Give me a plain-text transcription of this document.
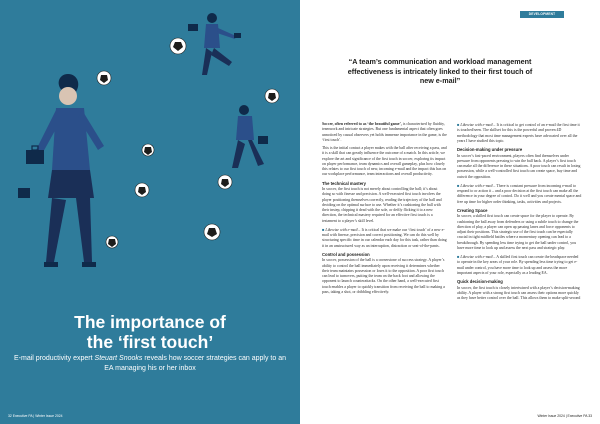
The importance of
the ‘first touch’
E-mail productivity expert Steuart Snooks reveals how soccer strategies can apply to an EA managing his or her inbox
32 Executive PA | Winter Issue 2024
DEVELOPMENT
“A team’s communication and workload management effectiveness is intricately linked to their first touch of new e-mail”

Soccer, often referred to as ‘the beautiful game’, is characterised by fluidity, teamwork and intricate strategies. But one fundamental aspect that often goes unnoticed by casual observers yet holds immense importance in the game, is the ‘first touch’.

This is the initial contact a player makes with the ball after receiving a pass, and it is a skill that can greatly influence the outcome of a match. In this article, we explore the art and significance of the first touch in soccer, exploring its impact on player performance, team dynamics and overall gameplay, plus how closely this relates to our first touch of new, incoming e-mail and the impact this has on our workplace performance, team interactions and overall productivity.

The technical mastery

In soccer, the first touch is not merely about controlling the ball; it’s about doing so with finesse and precision. A well-executed first touch involves the player positioning themselves correctly, reading the trajectory of the ball and deciding on the optimal surface to use. Whether it’s cushioning the ball with their instep, chipping it dead with the sole, or deftly flicking it to a new direction, the technical mastery required for an effective first touch is a testament to a player’s skill level.

■ Likewise with e-mail... It is critical that we make our ‘first touch’ of a new e-mail with finesse, precision and correct positioning. We can do this well by structuring specific time in our calendar each day for this task, rather than doing it in an unstructured way as an interruption, distraction or seat-of-the-pants.

Control and possession

In soccer, possession of the ball is a cornerstone of success strategy. A player’s ability to control the ball immediately upon receiving it determines whether their team maintains possession or loses it to the opposition. A poor first touch can lead to turnovers, putting the team on the back foot and allowing the opponent to launch counterattacks. On the other hand, a well-executed first touch enables a player to quickly transition from receiving the ball to making a pass, taking a shot, or dribbling effectively.

■ Likewise with e-mail... It is critical to get control of an e-mail the first time it is touched/seen. The skillset for this is the powerful and proven 4D methodology that most time management experts have advocated over all the years I have studied this topic.

Decision-making under pressure

In soccer’s fast-paced environment, players often find themselves under pressure from opponents pressing to win the ball back. A player’s first touch can make all the difference in these situations. A poor touch can result in losing possession, while a well-controlled first touch can create space, buy time and outwit the opposition.

■ Likewise with e-mail... There is constant pressure from incoming e-mail to respond to or action it – and a poor decision at the first touch can make all the difference in your degree of control. Do it well and you create mental space and free up time for higher order thinking, tasks, activities and projects.

Creating Space

In soccer, a skilled first touch can create space for the player to operate. By cushioning the ball away from defenders or using a subtle touch to change the direction of play, a player can open up passing lanes and force opponents to adjust their positions. This strategic use of the first touch can be especially crucial in tight midfield battles where a momentary opening can lead to a breakthrough. By spending less time trying to get the ball under control, you have more time to look up and assess the next pass and strategic play.

■ Likewise with e-mail... A skilled first touch can create the headspace needed to operate in the key areas of your role. By spending less time trying to get e-mail under control, you have more time to look up and assess the more important aspects of your role, especially as a leading EA.

Quick decision-making

In soccer, the first touch is closely intertwined with a player’s decision-making ability. A player with a strong first touch can assess their options more quickly as they have better control over the ball. This allows them to make split-second

Winter Issue 2024 | Executive PA 33
